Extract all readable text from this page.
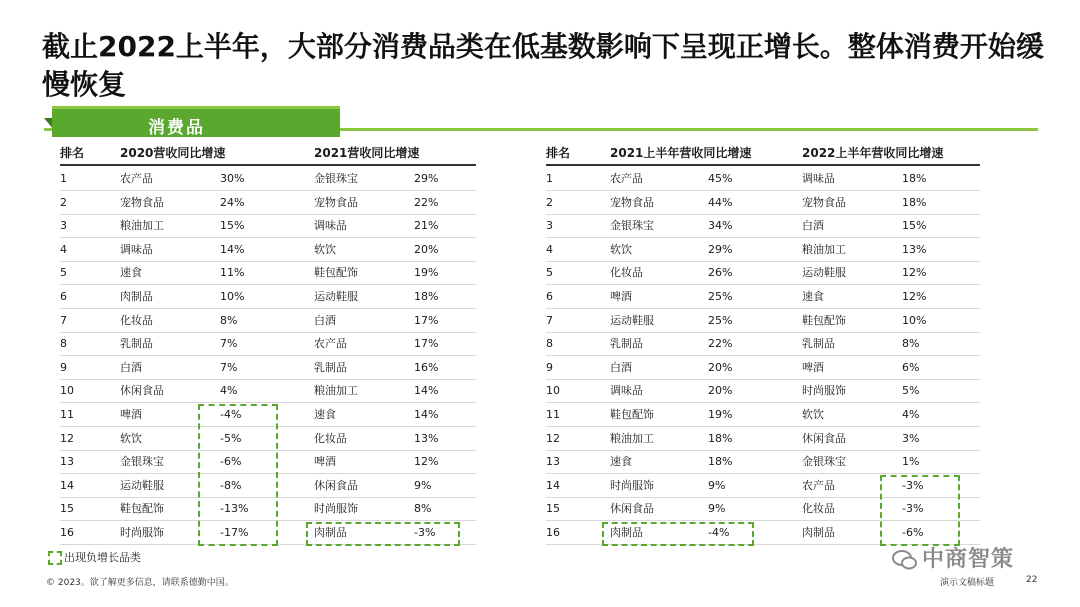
截止2022上半年，大部分消费品类在低基数影响下呈现正增长。整体消费开始缓慢恢复
消费品
排名	2020营收同比增速	2021营收同比增速
1	农产品	30%	金银珠宝	29%
2	宠物食品	24%	宠物食品	22%
3	粮油加工	15%	调味品	21%
4	调味品	14%	软饮	20%
5	速食	11%	鞋包配饰	19%
6	肉制品	10%	运动鞋服	18%
7	化妆品	8%	白酒	17%
8	乳制品	7%	农产品	17%
9	白酒	7%	乳制品	16%
10	休闲食品	4%	粮油加工	14%
11	啤酒	-4%	速食	14%
12	软饮	-5%	化妆品	13%
13	金银珠宝	-6%	啤酒	12%
14	运动鞋服	-8%	休闲食品	9%
15	鞋包配饰	-13%	时尚服饰	8%
16	时尚服饰	-17%	肉制品	-3%
排名	2021上半年营收同比增速	2022上半年营收同比增速
1	农产品	45%	调味品	18%
2	宠物食品	44%	宠物食品	18%
3	金银珠宝	34%	白酒	15%
4	软饮	29%	粮油加工	13%
5	化妆品	26%	运动鞋服	12%
6	啤酒	25%	速食	12%
7	运动鞋服	25%	鞋包配饰	10%
8	乳制品	22%	乳制品	8%
9	白酒	20%	啤酒	6%
10	调味品	20%	时尚服饰	5%
11	鞋包配饰	19%	软饮	4%
12	粮油加工	18%	休闲食品	3%
13	速食	18%	金银珠宝	1%
14	时尚服饰	9%	农产品	-3%
15	休闲食品	9%	化妆品	-3%
16	肉制品	-4%	肉制品	-6%
出现负增长品类
© 2023。欲了解更多信息，请联系德勤中国。	演示文稿标题	22
中商智策
